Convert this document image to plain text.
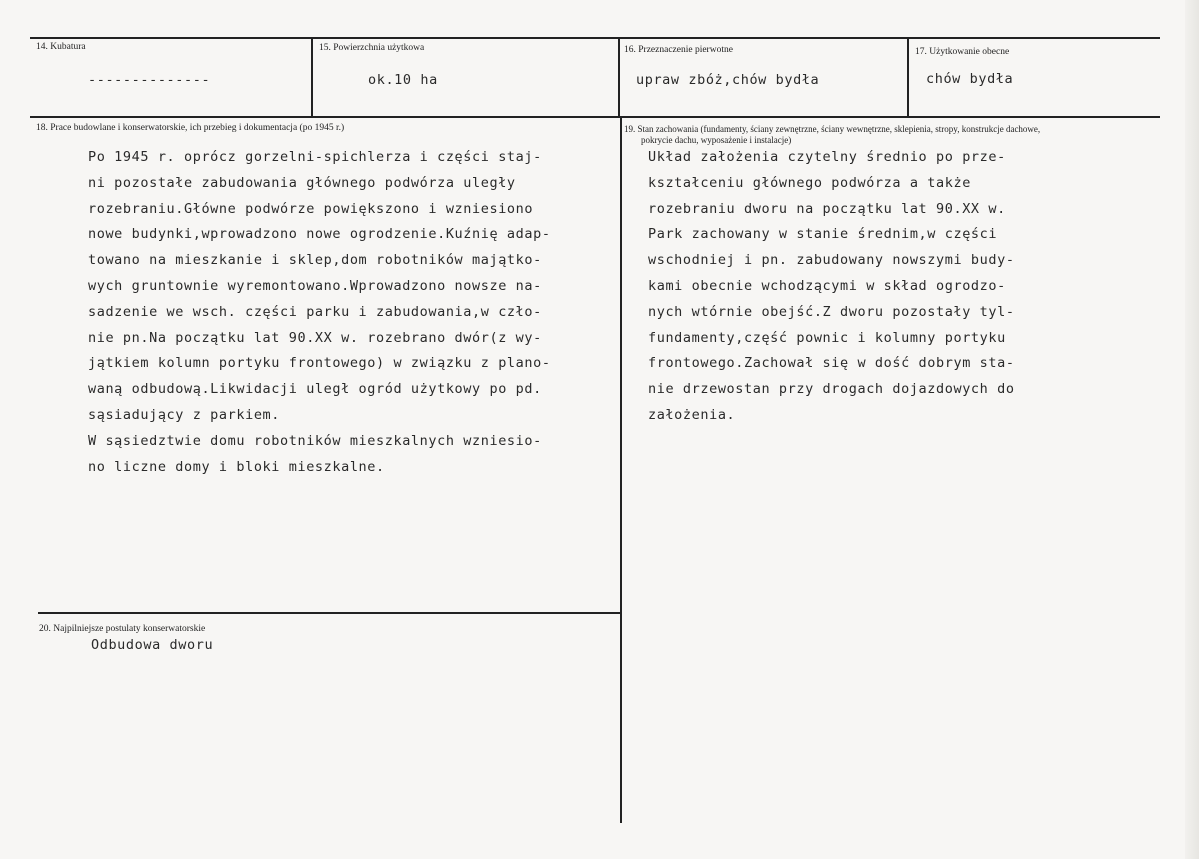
14. Kubatura
--------------
15. Powierzchnia użytkowa
ok.10 ha
16. Przeznaczenie pierwotne
upraw zbóż,chów bydła
17. Użytkowanie obecne
chów bydła
18. Prace budowlane i konserwatorskie, ich przebieg i dokumentacja (po 1945 r.)
Po 1945 r. oprócz gorzelni-spichlerza i części staj-
ni pozostałe zabudowania głównego podwórza uległy
rozebraniu.Główne podwórze powiększono i wzniesiono
nowe budynki,wprowadzono nowe ogrodzenie.Kuźnię adap-
towano na mieszkanie i sklep,dom robotników majątko-
wych gruntownie wyremontowano.Wprowadzono nowsze na-
sadzenie we wsch. części parku i zabudowania,w czło-
nie pn.Na początku lat 90.XX w. rozebrano dwór(z wy-
jątkiem kolumn portyku frontowego) w związku z plano-
waną odbudową.Likwidacji uległ ogród użytkowy po pd.
sąsiadujący z parkiem.
W sąsiedztwie domu robotników mieszkalnych wzniesio-
no liczne domy i bloki mieszkalne.
19. Stan zachowania (fundamenty, ściany zewnętrzne, ściany wewnętrzne, sklepienia, stropy, konstrukcje dachowe,
pokrycie dachu, wyposażenie i instalacje)
Układ założenia czytelny średnio po prze-
kształceniu głównego podwórza a także
rozebraniu dworu na początku lat 90.XX w.
Park zachowany w stanie średnim,w części
wschodniej i pn. zabudowany nowszymi budy-
kami obecnie wchodzącymi w skład ogrodzo-
nych wtórnie obejść.Z dworu pozostały tyl-
fundamenty,część pownic i kolumny portyku
frontowego.Zachował się w dość dobrym sta-
nie drzewostan przy drogach dojazdowych do
założenia.
20. Najpilniejsze postulaty konserwatorskie
Odbudowa dworu
